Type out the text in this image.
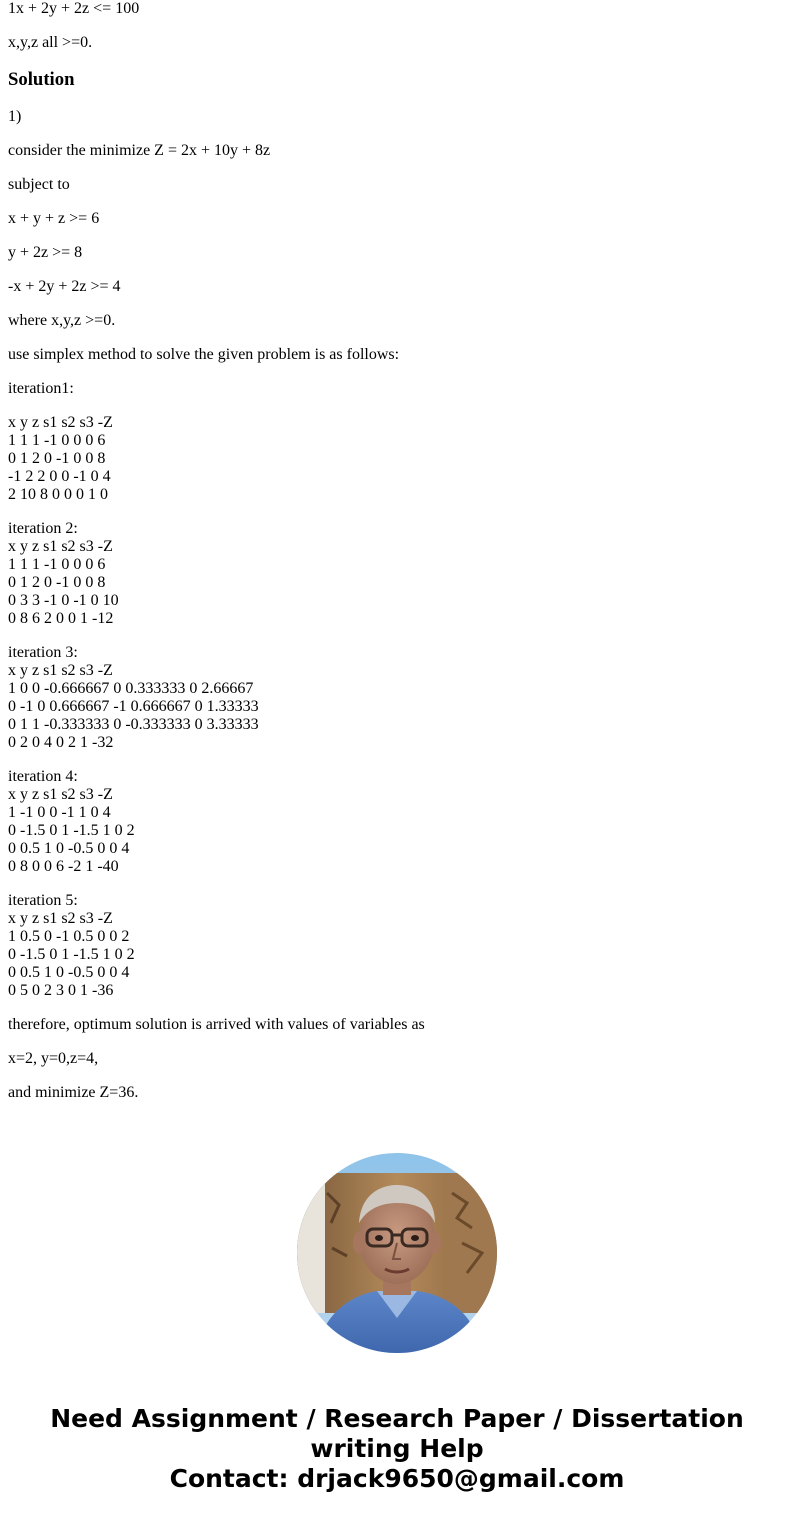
1x + 2y + 2z <= 100

x,y,z all >=0.

Solution

1)

consider the minimize Z = 2x + 10y + 8z

subject to

x + y + z >= 6

y + 2z >= 8

-x + 2y + 2z >= 4

where x,y,z >=0.

use simplex method to solve the given problem is as follows:

iteration1:

x y z s1 s2 s3 -Z

1 1 1 -1 0 0 0 6

0 1 2 0 -1 0 0 8

-1 2 2 0 0 -1 0 4

2 10 8 0 0 0 1 0

iteration 2:

x y z s1 s2 s3 -Z

1 1 1 -1 0 0 0 6

0 1 2 0 -1 0 0 8

0 3 3 -1 0 -1 0 10

0 8 6 2 0 0 1 -12

iteration 3:

x y z s1 s2 s3 -Z

1 0 0 -0.666667 0 0.333333 0 2.66667

0 -1 0 0.666667 -1 0.666667 0 1.33333

0 1 1 -0.333333 0 -0.333333 0 3.33333

0 2 0 4 0 2 1 -32

iteration 4:

x y z s1 s2 s3 -Z

1 -1 0 0 -1 1 0 4

0 -1.5 0 1 -1.5 1 0 2

0 0.5 1 0 -0.5 0 0 4

0 8 0 0 6 -2 1 -40

iteration 5:

x y z s1 s2 s3 -Z

1 0.5 0 -1 0.5 0 0 2

0 -1.5 0 1 -1.5 1 0 2

0 0.5 1 0 -0.5 0 0 4

0 5 0 2 3 0 1 -36

therefore, optimum solution is arrived with values of variables as

x=2, y=0,z=4,

and minimize Z=36.

Need Assignment / Research Paper / Dissertation
writing Help
Contact: drjack9650@gmail.com
